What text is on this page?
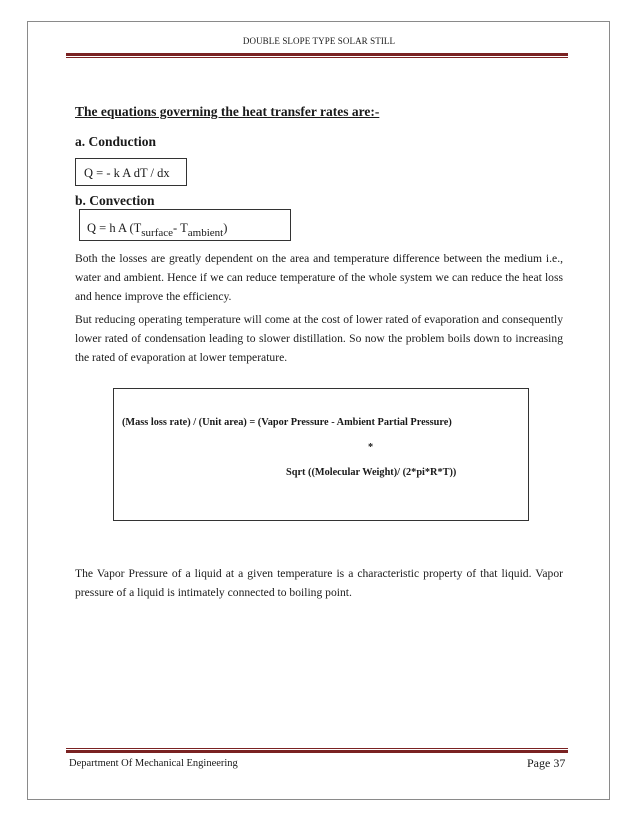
DOUBLE SLOPE TYPE SOLAR STILL
The equations governing the heat transfer rates are:-
a. Conduction
Q = - k A dT / dx
b. Convection
Q = h A (Tsurface- Tambient)
Both the losses are greatly dependent on the area and temperature difference between the medium i.e., water and ambient. Hence if we can reduce temperature of the whole system we can reduce the heat loss and hence improve the efficiency.
But reducing operating temperature will come at the cost of lower rated of evaporation and consequently lower rated of condensation leading to slower distillation. So now the problem boils down to increasing the rated of evaporation at lower temperature.
(Mass loss rate) / (Unit area) = (Vapor Pressure - Ambient Partial Pressure)
*
Sqrt ((Molecular Weight)/ (2*pi*R*T))
The Vapor Pressure of a liquid at a given temperature is a characteristic property of that liquid. Vapor pressure of a liquid is intimately connected to boiling point.
Department Of Mechanical Engineering	Page 37
